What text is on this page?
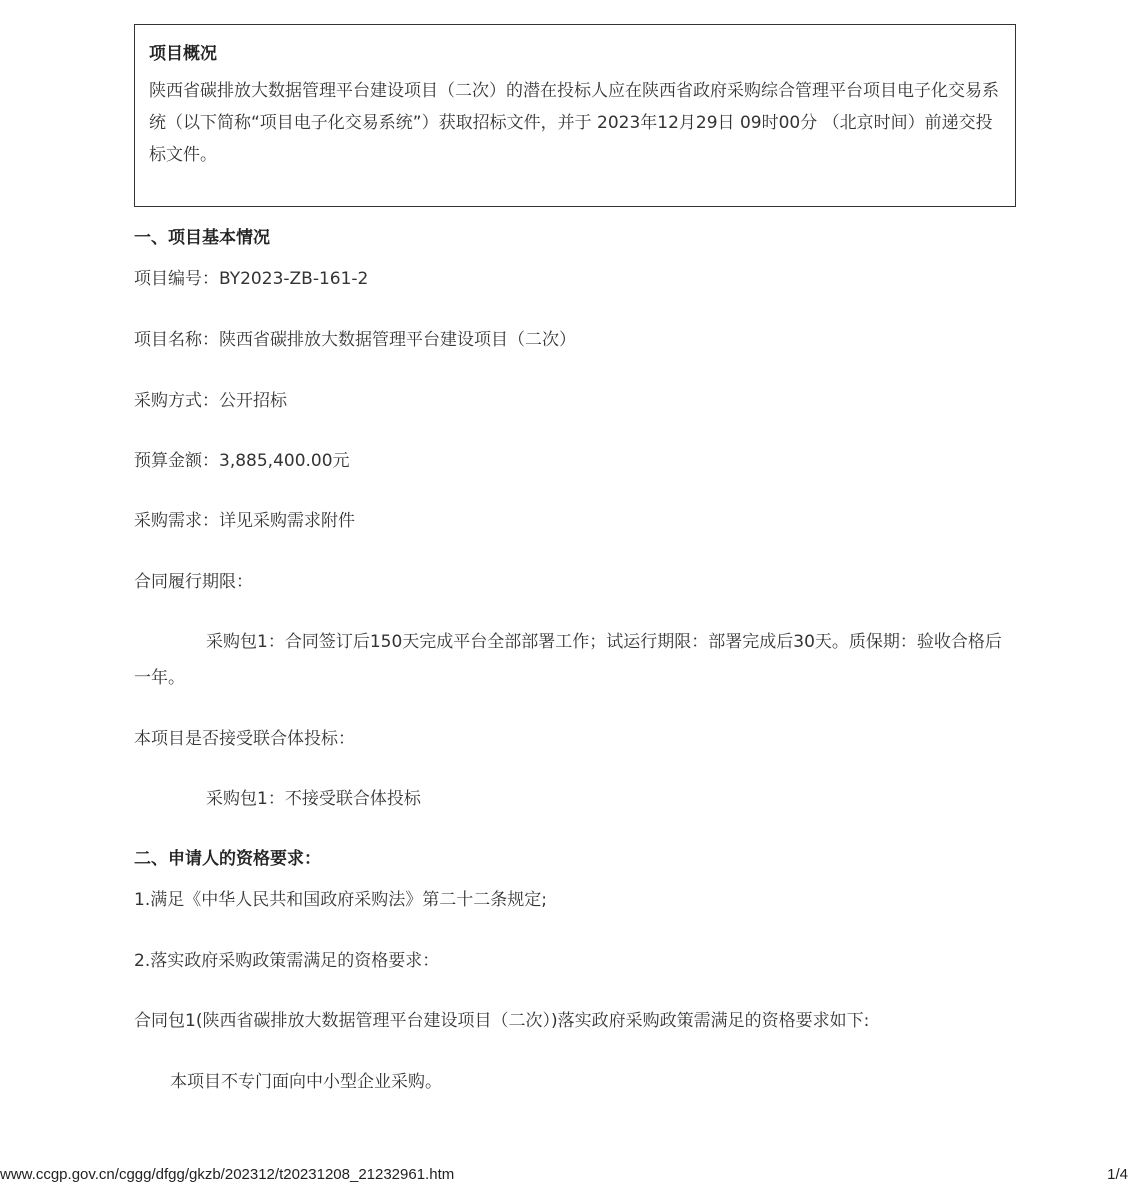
项目概况

陕西省碳排放大数据管理平台建设项目（二次）的潜在投标人应在陕西省政府采购综合管理平台项目电子化交易系统（以下简称“项目电子化交易系统”）获取招标文件，并于 2023年12月29日 09时00分 （北京时间）前递交投标文件。

一、项目基本情况

项目编号：BY2023-ZB-161-2

项目名称：陕西省碳排放大数据管理平台建设项目（二次）

采购方式：公开招标

预算金额：3,885,400.00元

采购需求：详见采购需求附件

合同履行期限：

采购包1：合同签订后150天完成平台全部部署工作；试运行期限：部署完成后30天。质保期：验收合格后一年。

本项目是否接受联合体投标：

采购包1：不接受联合体投标

二、申请人的资格要求：

1.满足《中华人民共和国政府采购法》第二十二条规定;

2.落实政府采购政策需满足的资格要求：

合同包1(陕西省碳排放大数据管理平台建设项目（二次）)落实政府采购政策需满足的资格要求如下:

本项目不专门面向中小型企业采购。

www.ccgp.gov.cn/cggg/dfgg/gkzb/202312/t20231208_21232961.htm	1/4
